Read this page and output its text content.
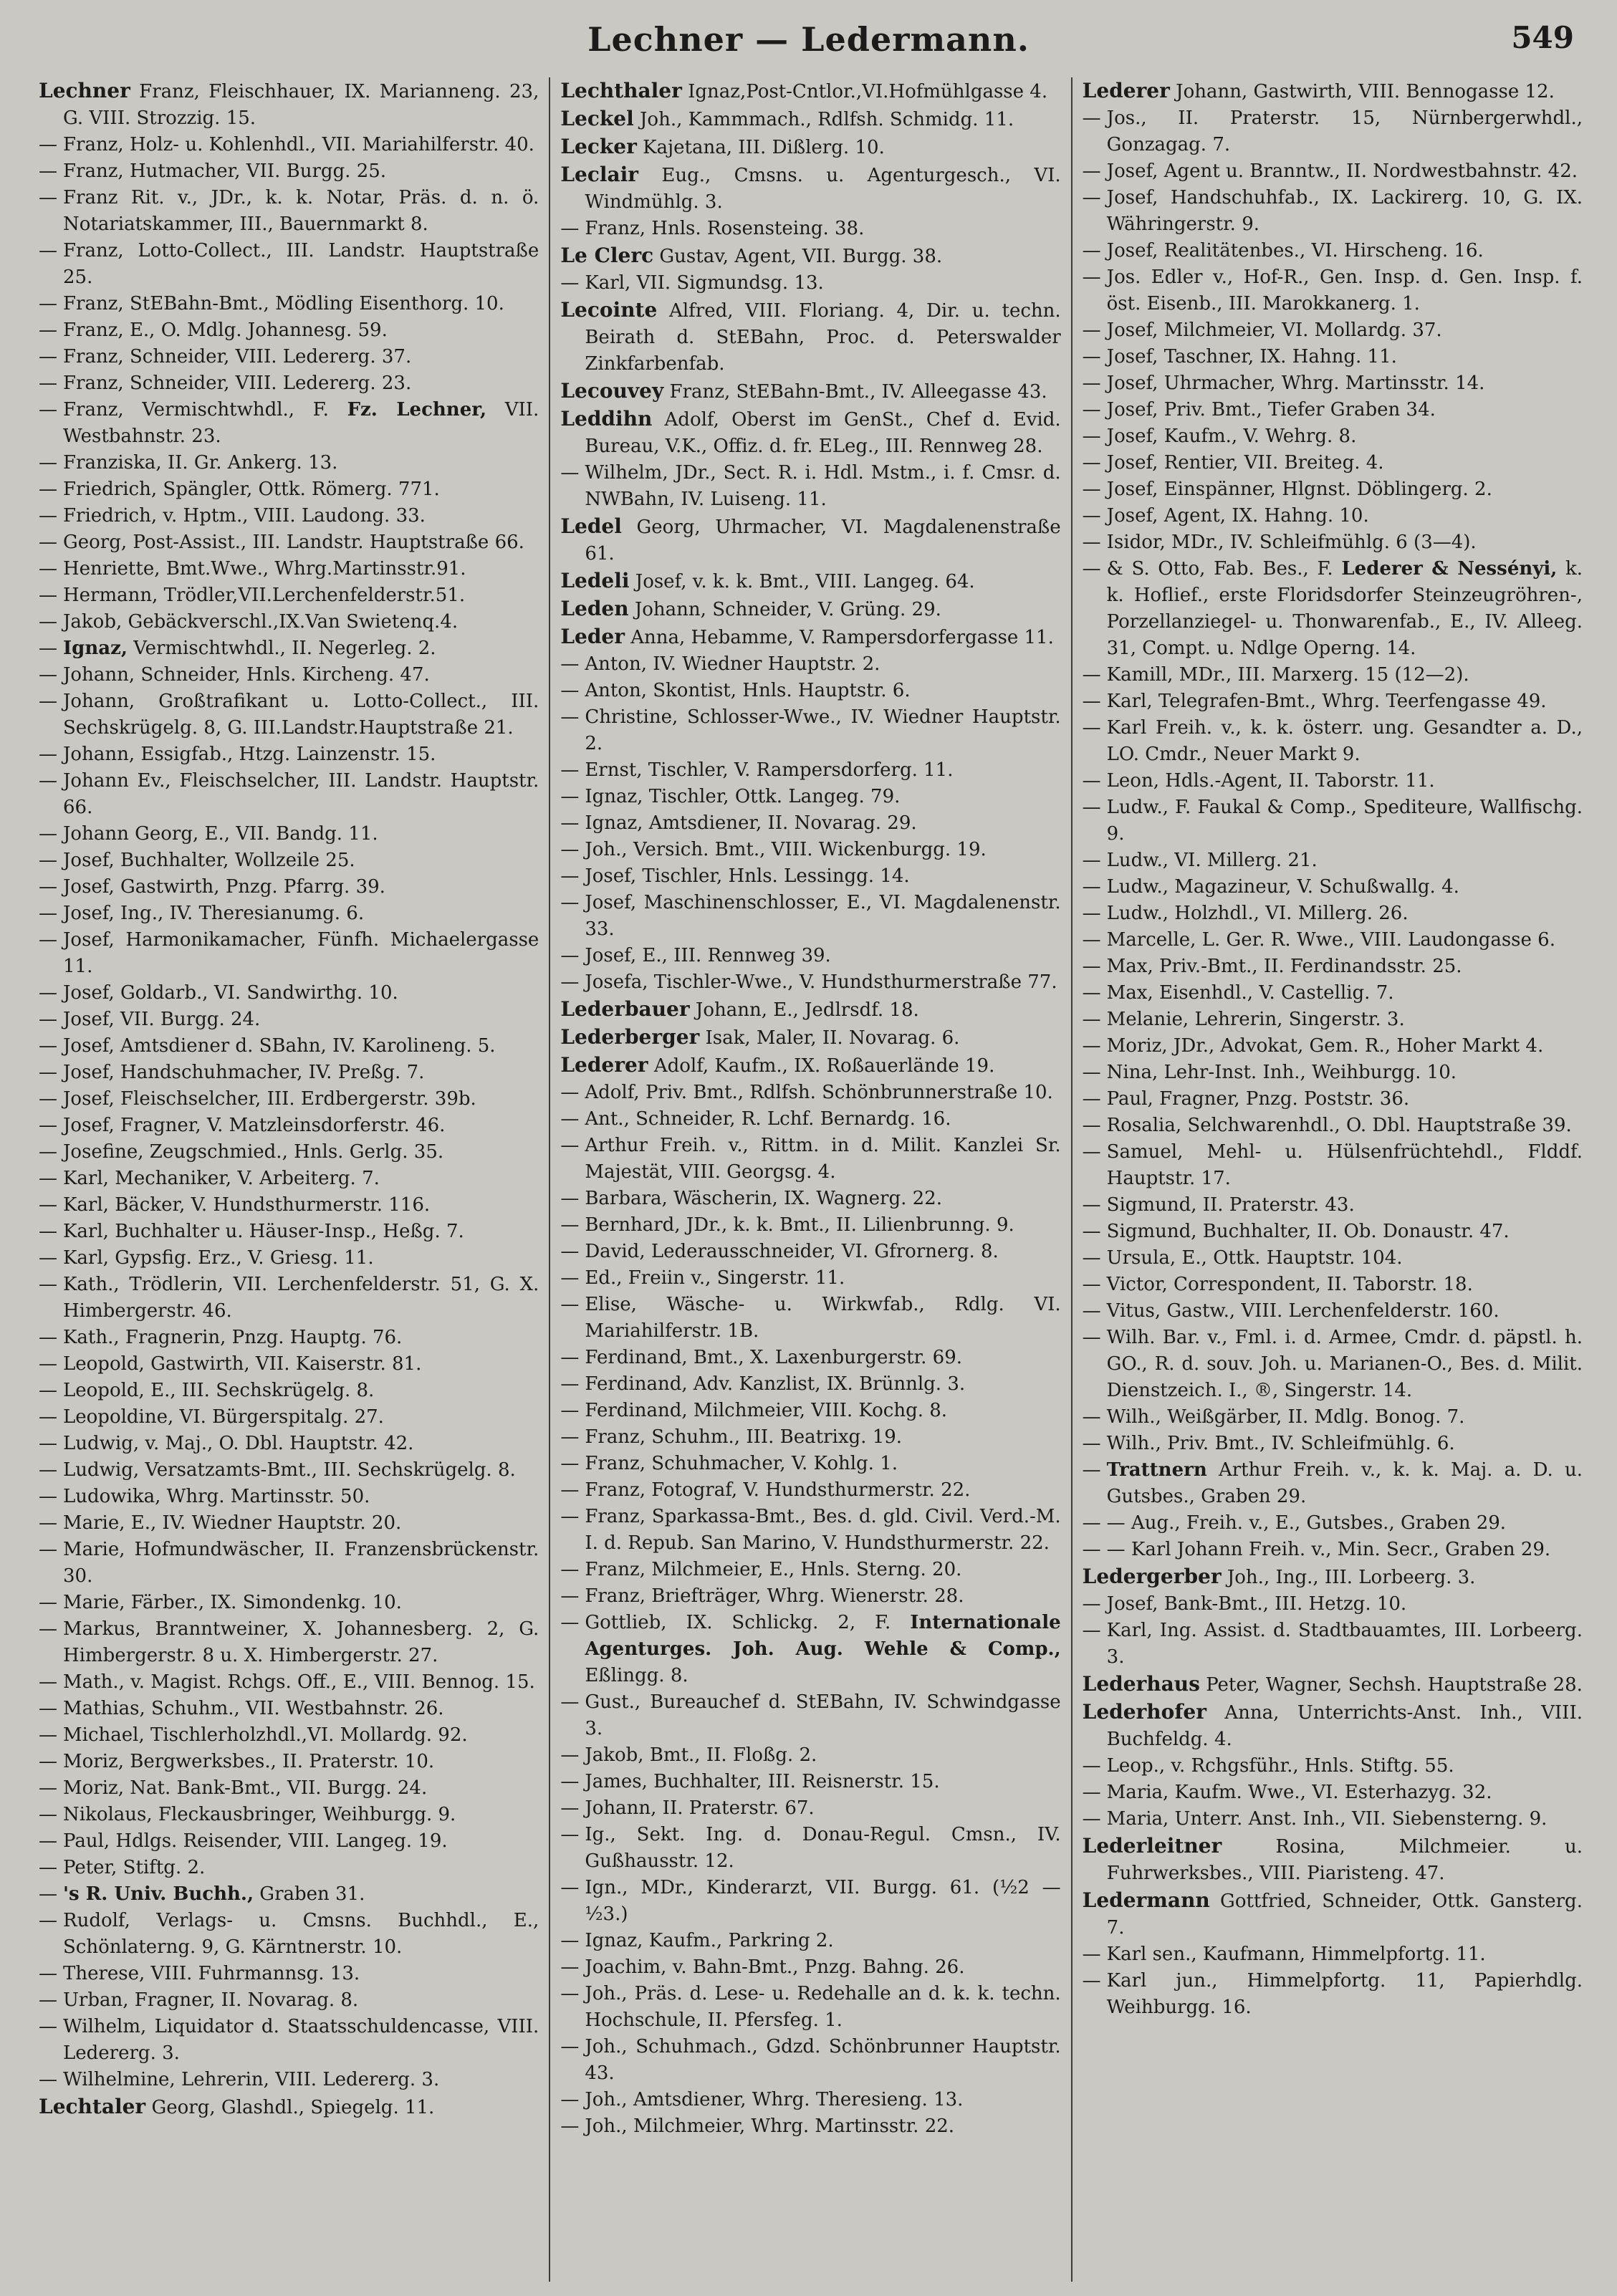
Lechner — Ledermann.	549
Lechner Franz, Fleischhauer, IX. Marianneng. 23, G. VIII. Strozzig. 15.
— Franz, Holz- u. Kohlenhdl., VII. Mariahilferstr. 40.
— Franz, Hutmacher, VII. Burgg. 25.
— Franz Rit. v., JDr., k. k. Notar, Präs. d. n. ö. Notariatskammer, III., Bauernmarkt 8.
— Franz, Lotto-Collect., III. Landstr. Hauptstraße 25.
— Franz, StEBahn-Bmt., Mödling Eisenthorg. 10.
— Franz, E., O. Mdlg. Johannesg. 59.
— Franz, Schneider, VIII. Ledererg. 37.
— Franz, Schneider, VIII. Ledererg. 23.
— Franz, Vermischtwhdl., F. Fz. Lechner, VII. Westbahnstr. 23.
— Franziska, II. Gr. Ankerg. 13.
— Friedrich, Spängler, Ottk. Römerg. 771.
— Friedrich, v. Hptm., VIII. Laudong. 33.
— Georg, Post-Assist., III. Landstr. Hauptstraße 66.
— Henriette, Bmt.Wwe., Whrg.Martinsstr.91.
— Hermann, Trödler,VII.Lerchenfelderstr.51.
— Jakob, Gebäckverschl.,IX.Van Swietenq.4.
— Ignaz, Vermischtwhdl., II. Negerleg. 2.
— Johann, Schneider, Hnls. Kircheng. 47.
— Johann, Großtrafikant u. Lotto-Collect., III. Sechskrügelg. 8, G. III.Landstr.Hauptstraße 21.
— Johann, Essigfab., Htzg. Lainzenstr. 15.
— Johann Ev., Fleischselcher, III. Landstr. Hauptstr. 66.
— Johann Georg, E., VII. Bandg. 11.
— Josef, Buchhalter, Wollzeile 25.
— Josef, Gastwirth, Pnzg. Pfarrg. 39.
— Josef, Ing., IV. Theresianumg. 6.
— Josef, Harmonikamacher, Fünfh. Michaelergasse 11.
— Josef, Goldarb., VI. Sandwirthg. 10.
— Josef, VII. Burgg. 24.
— Josef, Amtsdiener d. SBahn, IV. Karolineng. 5.
— Josef, Handschuhmacher, IV. Preßg. 7.
— Josef, Fleischselcher, III. Erdbergerstr. 39b.
— Josef, Fragner, V. Matzleinsdorferstr. 46.
— Josefine, Zeugschmied., Hnls. Gerlg. 35.
— Karl, Mechaniker, V. Arbeiterg. 7.
— Karl, Bäcker, V. Hundsthurmerstr. 116.
— Karl, Buchhalter u. Häuser-Insp., Heßg. 7.
— Karl, Gypsfig. Erz., V. Griesg. 11.
— Kath., Trödlerin, VII. Lerchenfelderstr. 51, G. X. Himbergerstr. 46.
— Kath., Fragnerin, Pnzg. Hauptg. 76.
— Leopold, Gastwirth, VII. Kaiserstr. 81.
— Leopold, E., III. Sechskrügelg. 8.
— Leopoldine, VI. Bürgerspitalg. 27.
— Ludwig, v. Maj., O. Dbl. Hauptstr. 42.
— Ludwig, Versatzamts-Bmt., III. Sechskrügelg. 8.
— Ludowika, Whrg. Martinsstr. 50.
— Marie, E., IV. Wiedner Hauptstr. 20.
— Marie, Hofmundwäscher, II. Franzensbrückenstr. 30.
— Marie, Färber., IX. Simondenkg. 10.
— Markus, Branntweiner, X. Johannesberg. 2, G. Himbergerstr. 8 u. X. Himbergerstr. 27.
— Math., v. Magist. Rchgs. Off., E., VIII. Bennog. 15.
— Mathias, Schuhm., VII. Westbahnstr. 26.
— Michael, Tischlerholzhdl.,VI. Mollardg. 92.
— Moriz, Bergwerksbes., II. Praterstr. 10.
— Moriz, Nat. Bank-Bmt., VII. Burgg. 24.
— Nikolaus, Fleckausbringer, Weihburgg. 9.
— Paul, Hdlgs. Reisender, VIII. Langeg. 19.
— Peter, Stiftg. 2.
— 's R. Univ. Buchh., Graben 31.
— Rudolf, Verlags- u. Cmsns. Buchhdl., E., Schönlaterng. 9, G. Kärntnerstr. 10.
— Therese, VIII. Fuhrmannsg. 13.
— Urban, Fragner, II. Novarag. 8.
— Wilhelm, Liquidator d. Staatsschuldencasse, VIII. Ledererg. 3.
— Wilhelmine, Lehrerin, VIII. Ledererg. 3.
Lechtaler Georg, Glashdl., Spiegelg. 11.
Lechthaler Ignaz,Post-Cntlor.,VI.Hofmühlgasse 4.
Leckel Joh., Kammmach., Rdlfsh. Schmidg. 11.
Lecker Kajetana, III. Dißlerg. 10.
Leclair Eug., Cmsns. u. Agenturgesch., VI. Windmühlg. 3.
— Franz, Hnls. Rosensteing. 38.
Le Clerc Gustav, Agent, VII. Burgg. 38.
— Karl, VII. Sigmundsg. 13.
Lecointe Alfred, VIII. Floriang. 4, Dir. u. techn. Beirath d. StEBahn, Proc. d. Peterswalder Zinkfarbenfab.
Lecouvey Franz, StEBahn-Bmt., IV. Alleegasse 43.
Leddihn Adolf, Oberst im GenSt., Chef d. Evid. Bureau, V.K., Offiz. d. fr. ELeg., III. Rennweg 28.
— Wilhelm, JDr., Sect. R. i. Hdl. Mstm., i. f. Cmsr. d. NWBahn, IV. Luiseng. 11.
Ledel Georg, Uhrmacher, VI. Magdalenenstraße 61.
Ledeli Josef, v. k. k. Bmt., VIII. Langeg. 64.
Leden Johann, Schneider, V. Grüng. 29.
Leder Anna, Hebamme, V. Rampersdorfergasse 11.
— Anton, IV. Wiedner Hauptstr. 2.
— Anton, Skontist, Hnls. Hauptstr. 6.
— Christine, Schlosser-Wwe., IV. Wiedner Hauptstr. 2.
— Ernst, Tischler, V. Rampersdorferg. 11.
— Ignaz, Tischler, Ottk. Langeg. 79.
— Ignaz, Amtsdiener, II. Novarag. 29.
— Joh., Versich. Bmt., VIII. Wickenburgg. 19.
— Josef, Tischler, Hnls. Lessingg. 14.
— Josef, Maschinenschlosser, E., VI. Magdalenenstr. 33.
— Josef, E., III. Rennweg 39.
— Josefa, Tischler-Wwe., V. Hundsthurmerstraße 77.
Lederbauer Johann, E., Jedlrsdf. 18.
Lederberger Isak, Maler, II. Novarag. 6.
Lederer Adolf, Kaufm., IX. Roßauerlände 19.
— Adolf, Priv. Bmt., Rdlfsh. Schönbrunnerstraße 10.
— Ant., Schneider, R. Lchf. Bernardg. 16.
— Arthur Freih. v., Rittm. in d. Milit. Kanzlei Sr. Majestät, VIII. Georgsg. 4.
— Barbara, Wäscherin, IX. Wagnerg. 22.
— Bernhard, JDr., k. k. Bmt., II. Lilienbrunng. 9.
— David, Lederausschneider, VI. Gfrornerg. 8.
— Ed., Freiin v., Singerstr. 11.
— Elise, Wäsche- u. Wirkwfab., Rdlg. VI. Mariahilferstr. 1B.
— Ferdinand, Bmt., X. Laxenburgerstr. 69.
— Ferdinand, Adv. Kanzlist, IX. Brünnlg. 3.
— Ferdinand, Milchmeier, VIII. Kochg. 8.
— Franz, Schuhm., III. Beatrixg. 19.
— Franz, Schuhmacher, V. Kohlg. 1.
— Franz, Fotograf, V. Hundsthurmerstr. 22.
— Franz, Sparkassa-Bmt., Bes. d. gld. Civil. Verd.-M. I. d. Repub. San Marino, V. Hundsthurmerstr. 22.
— Franz, Milchmeier, E., Hnls. Sterng. 20.
— Franz, Briefträger, Whrg. Wienerstr. 28.
— Gottlieb, IX. Schlickg. 2, F. Internationale Agenturges. Joh. Aug. Wehle & Comp., Eßlingg. 8.
— Gust., Bureauchef d. StEBahn, IV. Schwindgasse 3.
— Jakob, Bmt., II. Floßg. 2.
— James, Buchhalter, III. Reisnerstr. 15.
— Johann, II. Praterstr. 67.
— Ig., Sekt. Ing. d. Donau-Regul. Cmsn., IV. Gußhausstr. 12.
— Ign., MDr., Kinderarzt, VII. Burgg. 61. (½2 — ½3.)
— Ignaz, Kaufm., Parkring 2.
— Joachim, v. Bahn-Bmt., Pnzg. Bahng. 26.
— Joh., Präs. d. Lese- u. Redehalle an d. k. k. techn. Hochschule, II. Pfersfeg. 1.
— Joh., Schuhmach., Gdzd. Schönbrunner Hauptstr. 43.
— Joh., Amtsdiener, Whrg. Theresieng. 13.
— Joh., Milchmeier, Whrg. Martinsstr. 22.
Lederer Johann, Gastwirth, VIII. Bennogasse 12.
— Jos., II. Praterstr. 15, Nürnbergerwhdl., Gonzagag. 7.
— Josef, Agent u. Branntw., II. Nordwestbahnstr. 42.
— Josef, Handschuhfab., IX. Lackirerg. 10, G. IX. Währingerstr. 9.
— Josef, Realitätenbes., VI. Hirscheng. 16.
— Jos. Edler v., Hof-R., Gen. Insp. d. Gen. Insp. f. öst. Eisenb., III. Marokkanerg. 1.
— Josef, Milchmeier, VI. Mollardg. 37.
— Josef, Taschner, IX. Hahng. 11.
— Josef, Uhrmacher, Whrg. Martinsstr. 14.
— Josef, Priv. Bmt., Tiefer Graben 34.
— Josef, Kaufm., V. Wehrg. 8.
— Josef, Rentier, VII. Breiteg. 4.
— Josef, Einspänner, Hlgnst. Döblingerg. 2.
— Josef, Agent, IX. Hahng. 10.
— Isidor, MDr., IV. Schleifmühlg. 6 (3—4).
— & S. Otto, Fab. Bes., F. Lederer & Nessényi, k. k. Hoflief., erste Floridsdorfer Steinzeugröhren-, Porzellanziegel- u. Thonwarenfab., E., IV. Alleeg. 31, Compt. u. Ndlge Operng. 14.
— Kamill, MDr., III. Marxerg. 15 (12—2).
— Karl, Telegrafen-Bmt., Whrg. Teerfengasse 49.
— Karl Freih. v., k. k. österr. ung. Gesandter a. D., LO. Cmdr., Neuer Markt 9.
— Leon, Hdls.-Agent, II. Taborstr. 11.
— Ludw., F. Faukal & Comp., Spediteure, Wallfischg. 9.
— Ludw., VI. Millerg. 21.
— Ludw., Magazineur, V. Schußwallg. 4.
— Ludw., Holzhdl., VI. Millerg. 26.
— Marcelle, L. Ger. R. Wwe., VIII. Laudongasse 6.
— Max, Priv.-Bmt., II. Ferdinandsstr. 25.
— Max, Eisenhdl., V. Castellig. 7.
— Melanie, Lehrerin, Singerstr. 3.
— Moriz, JDr., Advokat, Gem. R., Hoher Markt 4.
— Nina, Lehr-Inst. Inh., Weihburgg. 10.
— Paul, Fragner, Pnzg. Poststr. 36.
— Rosalia, Selchwarenhdl., O. Dbl. Hauptstraße 39.
— Samuel, Mehl- u. Hülsenfrüchtehdl., Flddf. Hauptstr. 17.
— Sigmund, II. Praterstr. 43.
— Sigmund, Buchhalter, II. Ob. Donaustr. 47.
— Ursula, E., Ottk. Hauptstr. 104.
— Victor, Correspondent, II. Taborstr. 18.
— Vitus, Gastw., VIII. Lerchenfelderstr. 160.
— Wilh. Bar. v., Fml. i. d. Armee, Cmdr. d. päpstl. h. GO., R. d. souv. Joh. u. Marianen-O., Bes. d. Milit. Dienstzeich. I., ®, Singerstr. 14.
— Wilh., Weißgärber, II. Mdlg. Bonog. 7.
— Wilh., Priv. Bmt., IV. Schleifmühlg. 6.
— Trattnern Arthur Freih. v., k. k. Maj. a. D. u. Gutsbes., Graben 29.
— — Aug., Freih. v., E., Gutsbes., Graben 29.
— — Karl Johann Freih. v., Min. Secr., Graben 29.
Ledergerber Joh., Ing., III. Lorbeerg. 3.
— Josef, Bank-Bmt., III. Hetzg. 10.
— Karl, Ing. Assist. d. Stadtbauamtes, III. Lorbeerg. 3.
Lederhaus Peter, Wagner, Sechsh. Hauptstraße 28.
Lederhofer Anna, Unterrichts-Anst. Inh., VIII. Buchfeldg. 4.
— Leop., v. Rchgsführ., Hnls. Stiftg. 55.
— Maria, Kaufm. Wwe., VI. Esterhazyg. 32.
— Maria, Unterr. Anst. Inh., VII. Siebensterng. 9.
Lederleitner	Rosina, Milchmeier. u. Fuhrwerksbes., VIII. Piaristeng. 47.
Ledermann Gottfried, Schneider, Ottk. Gansterg. 7.
— Karl sen., Kaufmann, Himmelpfortg. 11.
— Karl jun., Himmelpfortg. 11, Papierhdlg. Weihburgg. 16.
